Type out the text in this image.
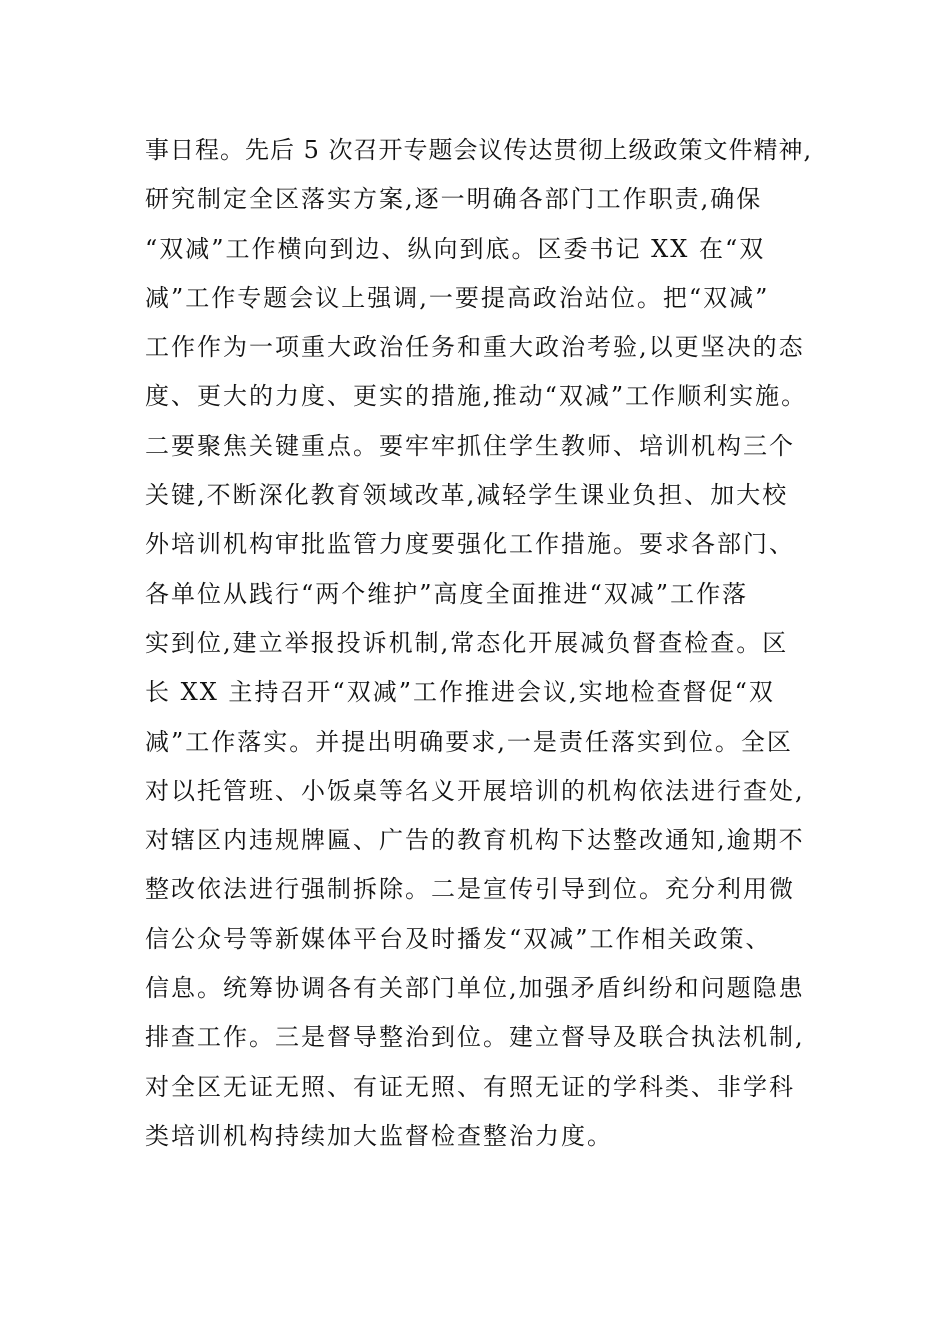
事日程。先后 5 次召开专题会议传达贯彻上级政策文件精神,
研究制定全区落实方案,逐一明确各部门工作职责,确保
“双减”工作横向到边、纵向到底。区委书记 XX 在“双
减”工作专题会议上强调,一要提高政治站位。把“双减”
工作作为一项重大政治任务和重大政治考验,以更坚决的态
度、更大的力度、更实的措施,推动“双减”工作顺利实施。
二要聚焦关键重点。要牢牢抓住学生教师、培训机构三个
关键,不断深化教育领域改革,减轻学生课业负担、加大校
外培训机构审批监管力度要强化工作措施。要求各部门、
各单位从践行“两个维护”高度全面推进“双减”工作落
实到位,建立举报投诉机制,常态化开展减负督查检查。区
长 XX 主持召开“双减”工作推进会议,实地检查督促“双
减”工作落实。并提出明确要求,一是责任落实到位。全区
对以托管班、小饭桌等名义开展培训的机构依法进行查处,
对辖区内违规牌匾、广告的教育机构下达整改通知,逾期不
整改依法进行强制拆除。二是宣传引导到位。充分利用微
信公众号等新媒体平台及时播发“双减”工作相关政策、
信息。统筹协调各有关部门单位,加强矛盾纠纷和问题隐患
排查工作。三是督导整治到位。建立督导及联合执法机制,
对全区无证无照、有证无照、有照无证的学科类、非学科
类培训机构持续加大监督检查整治力度。
